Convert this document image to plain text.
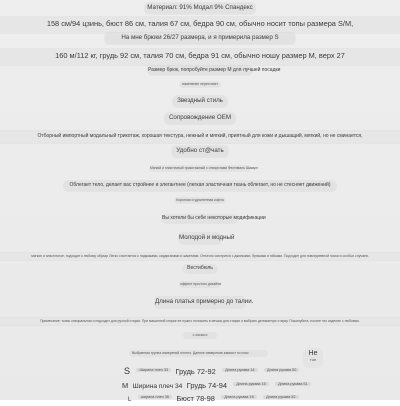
Материал: 91% Модал 9% Спандекс
158 см/94 цзинь, бюст 86 см, талия 67 см, бедра 90 см, обычно носит топы размера S/M,
На мне брюки 26/27 размера, и я примерила размер S
160 м/112 кг, грудь 92 см, талия 70 см, бедра 91 см, обычно ношу размер М, верх 27
Размер брюк, попробуйте размер М для лучшей посадки
изменение перестанет
Звездный стиль
Сопровождение OEM
Отборный импортный модальный трикотаж, хорошая текстура, нежный и мягкий, приятный для кожи и дышащий, мягкий, но не сминается,
Удобно ст@чать
Мягкий и эластичный трикотажный с отворотами Фестиваль Шикарн
Облегает тело, делает вас стройнее и элегантнее (легкая эластичная ткань облегает, но не стесняет движений)
Короткая и удлиненная кофта
Вы хотели бы себе некоторые модификации
Молодой и модный
мягкое и эластичное, подходит к любому образу. Легко сочетается с пиджаками, кардиганами и жакетами. Отлично смотрится с джинсами, брюками и юбками. Подходит для повседневной носки и особых случаев.
Вестибюль
эффект простого дизайна
Длина платья примерно до талии.
Примечание: ткань специальная и подходит для ручной стирки. При машинной стирке ее нужно положить в мешок для стирки и выбрать деликатную стирку. Пожалуйста, носите это изделие с любовью.
с лаского
Выбранная группа измерений плотно. Данное измерение зависит по пояс	Не
топ
S Ширина плеч 33 Грудь 72-92 Длина рукава 14	Длина рукава 50
M Ширина плеч 34 Грудь 74-94 Длина рукава 15	Длина рукава 51
L ширина плеч 36 Бюст 78-98 Длина рукава 16	Длина рукава 52
